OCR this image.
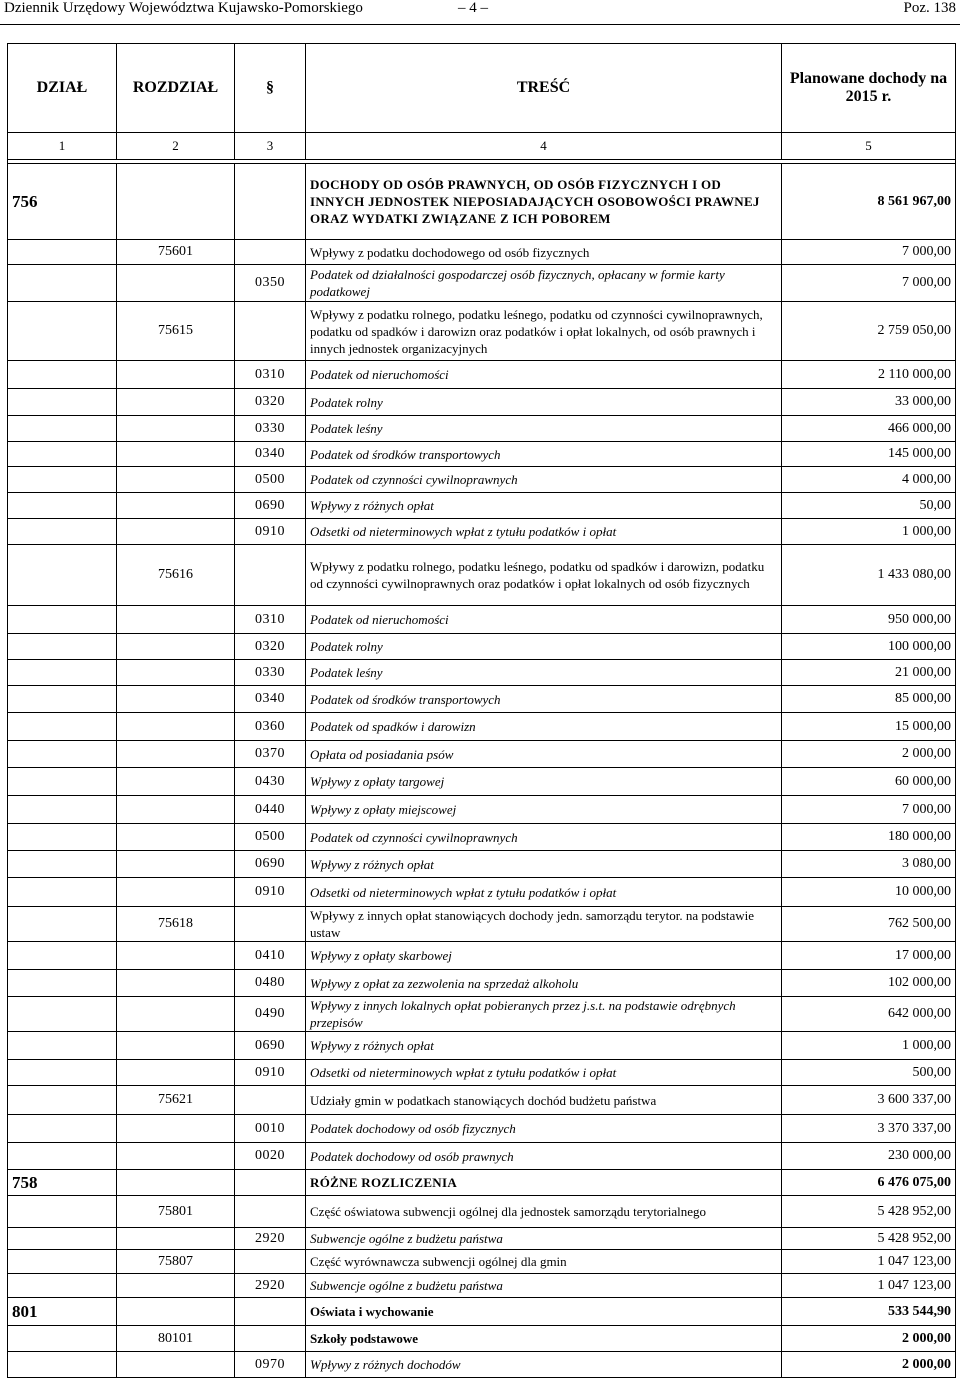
Dziennik Urzędowy Województwa Kujawsko-Pomorskiego	– 4 –	Poz. 138
DZIAŁ	ROZDZIAŁ	§	TREŚĆ	Planowane dochody na 2015 r.
1	2	3	4	5

756			DOCHODY OD OSÓB PRAWNYCH, OD OSÓB FIZYCZNYCH I OD INNYCH JEDNOSTEK NIEPOSIADAJĄCYCH OSOBOWOŚCI PRAWNEJ ORAZ WYDATKI ZWIĄZANE Z ICH POBOREM	8 561 967,00
	75601		Wpływy z podatku dochodowego od osób fizycznych	7 000,00
		0350	Podatek od działalności gospodarczej osób fizycznych, opłacany w formie karty podatkowej	7 000,00
	75615		Wpływy z podatku rolnego, podatku leśnego, podatku od czynności cywilnoprawnych, podatku od spadków i darowizn oraz podatków i opłat lokalnych, od osób prawnych i innych jednostek organizacyjnych	2 759 050,00
		0310	Podatek od nieruchomości	2 110 000,00
		0320	Podatek rolny	33 000,00
		0330	Podatek leśny	466 000,00
		0340	Podatek od środków transportowych	145 000,00
		0500	Podatek od czynności cywilnoprawnych	4 000,00
		0690	Wpływy z różnych opłat	50,00
		0910	Odsetki od nieterminowych wpłat z tytułu podatków i opłat	1 000,00
	75616		Wpływy z podatku rolnego, podatku leśnego, podatku od spadków i darowizn, podatku od czynności cywilnoprawnych oraz podatków i opłat lokalnych od osób fizycznych	1 433 080,00
		0310	Podatek od nieruchomości	950 000,00
		0320	Podatek rolny	100 000,00
		0330	Podatek leśny	21 000,00
		0340	Podatek od środków transportowych	85 000,00
		0360	Podatek od spadków i darowizn	15 000,00
		0370	Opłata od posiadania psów	2 000,00
		0430	Wpływy z opłaty targowej	60 000,00
		0440	Wpływy z opłaty miejscowej	7 000,00
		0500	Podatek od czynności cywilnoprawnych	180 000,00
		0690	Wpływy z różnych opłat	3 080,00
		0910	Odsetki od nieterminowych wpłat z tytułu podatków i opłat	10 000,00
	75618		Wpływy z innych opłat stanowiących dochody jedn. samorządu terytor. na podstawie ustaw	762 500,00
		0410	Wpływy z opłaty skarbowej	17 000,00
		0480	Wpływy z opłat za zezwolenia na sprzedaż alkoholu	102 000,00
		0490	Wpływy z innych lokalnych opłat pobieranych przez j.s.t. na podstawie odrębnych przepisów	642 000,00
		0690	Wpływy z różnych opłat	1 000,00
		0910	Odsetki od nieterminowych wpłat z tytułu podatków i opłat	500,00
	75621		Udziały gmin w podatkach stanowiących dochód budżetu państwa	3 600 337,00
		0010	Podatek dochodowy od osób fizycznych	3 370 337,00
		0020	Podatek dochodowy od osób prawnych	230 000,00
758			RÓŻNE ROZLICZENIA	6 476 075,00
	75801		Część oświatowa subwencji ogólnej dla jednostek samorządu terytorialnego	5 428 952,00
		2920	Subwencje ogólne z budżetu państwa	5 428 952,00
	75807		Część wyrównawcza subwencji ogólnej dla gmin	1 047 123,00
		2920	Subwencje ogólne z budżetu państwa	1 047 123,00
801			Oświata i wychowanie	533 544,90
	80101		Szkoły podstawowe	2 000,00
		0970	Wpływy z różnych dochodów	2 000,00
